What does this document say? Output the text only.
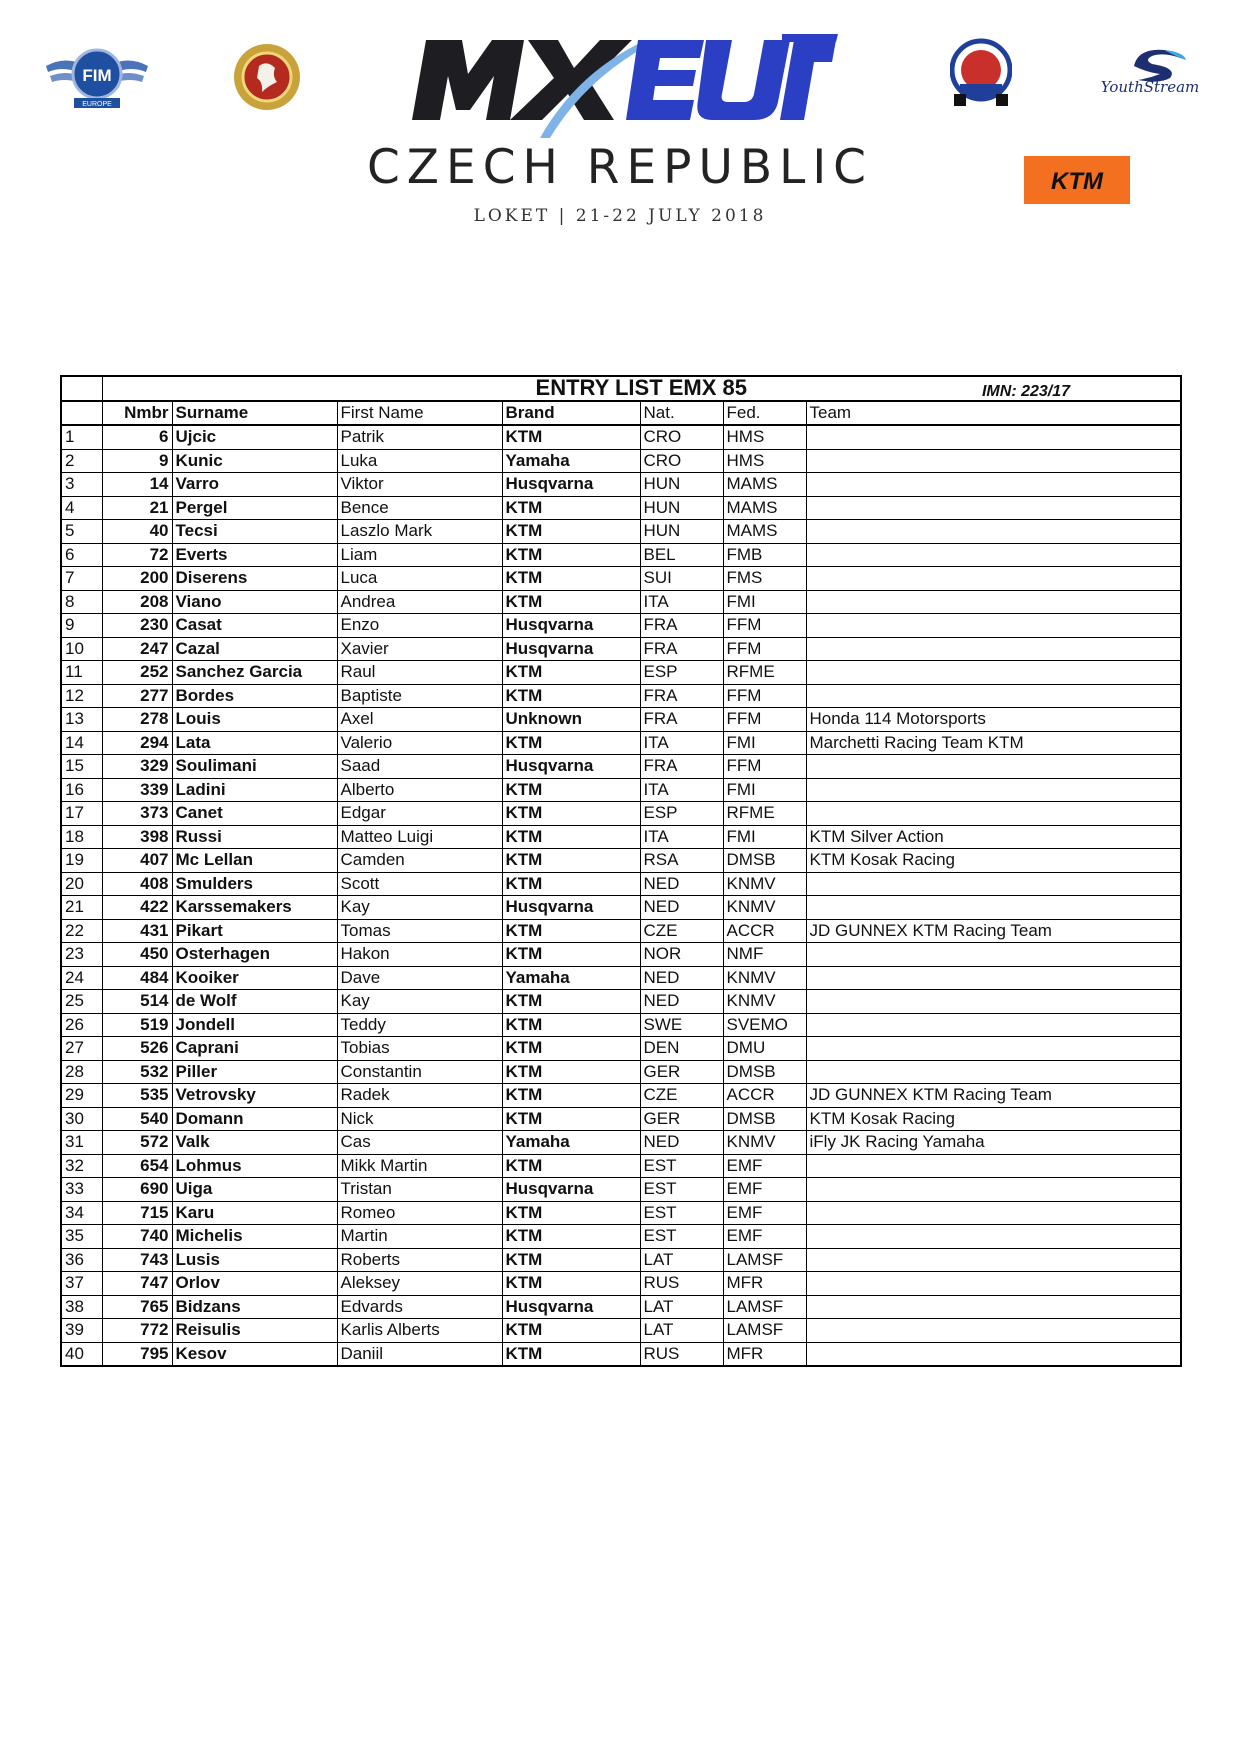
FIM
EUROPE
YouthStream
KTM
CZECH REPUBLIC
LOKET | 21-22 JULY 2018
	ENTRY LIST EMX 85 IMN: 223/17						

	Nmbr	Surname	First Name	Brand	Nat.	Fed.	Team
1	6	Ujcic	Patrik	KTM	CRO	HMS	
2	9	Kunic	Luka	Yamaha	CRO	HMS	
3	14	Varro	Viktor	Husqvarna	HUN	MAMS	
4	21	Pergel	Bence	KTM	HUN	MAMS	
5	40	Tecsi	Laszlo Mark	KTM	HUN	MAMS	
6	72	Everts	Liam	KTM	BEL	FMB	
7	200	Diserens	Luca	KTM	SUI	FMS	
8	208	Viano	Andrea	KTM	ITA	FMI	
9	230	Casat	Enzo	Husqvarna	FRA	FFM	
10	247	Cazal	Xavier	Husqvarna	FRA	FFM	
11	252	Sanchez Garcia	Raul	KTM	ESP	RFME	
12	277	Bordes	Baptiste	KTM	FRA	FFM	
13	278	Louis	Axel	Unknown	FRA	FFM	Honda 114 Motorsports
14	294	Lata	Valerio	KTM	ITA	FMI	Marchetti Racing Team KTM
15	329	Soulimani	Saad	Husqvarna	FRA	FFM	
16	339	Ladini	Alberto	KTM	ITA	FMI	
17	373	Canet	Edgar	KTM	ESP	RFME	
18	398	Russi	Matteo Luigi	KTM	ITA	FMI	KTM Silver Action
19	407	Mc Lellan	Camden	KTM	RSA	DMSB	KTM Kosak Racing
20	408	Smulders	Scott	KTM	NED	KNMV	
21	422	Karssemakers	Kay	Husqvarna	NED	KNMV	
22	431	Pikart	Tomas	KTM	CZE	ACCR	JD GUNNEX KTM Racing Team
23	450	Osterhagen	Hakon	KTM	NOR	NMF	
24	484	Kooiker	Dave	Yamaha	NED	KNMV	
25	514	de Wolf	Kay	KTM	NED	KNMV	
26	519	Jondell	Teddy	KTM	SWE	SVEMO	
27	526	Caprani	Tobias	KTM	DEN	DMU	
28	532	Piller	Constantin	KTM	GER	DMSB	
29	535	Vetrovsky	Radek	KTM	CZE	ACCR	JD GUNNEX KTM Racing Team
30	540	Domann	Nick	KTM	GER	DMSB	KTM Kosak Racing
31	572	Valk	Cas	Yamaha	NED	KNMV	iFly JK Racing Yamaha
32	654	Lohmus	Mikk Martin	KTM	EST	EMF	
33	690	Uiga	Tristan	Husqvarna	EST	EMF	
34	715	Karu	Romeo	KTM	EST	EMF	
35	740	Michelis	Martin	KTM	EST	EMF	
36	743	Lusis	Roberts	KTM	LAT	LAMSF	
37	747	Orlov	Aleksey	KTM	RUS	MFR	
38	765	Bidzans	Edvards	Husqvarna	LAT	LAMSF	
39	772	Reisulis	Karlis Alberts	KTM	LAT	LAMSF	
40	795	Kesov	Daniil	KTM	RUS	MFR	
